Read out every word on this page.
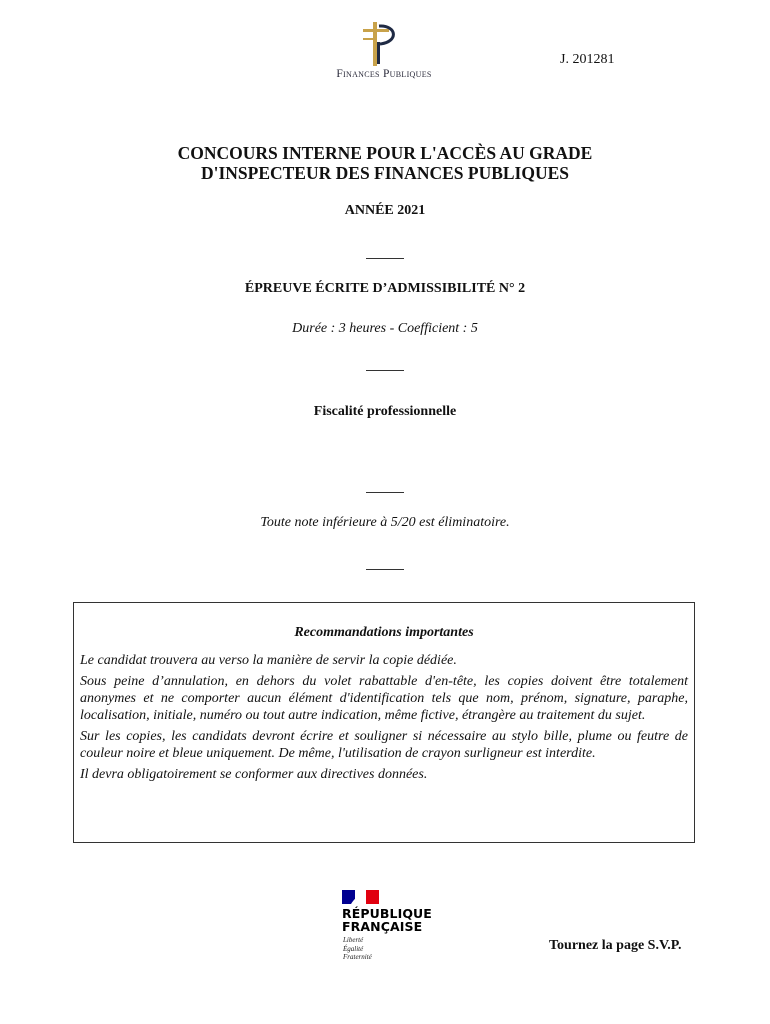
Finances Publiques
J. 201281
CONCOURS INTERNE POUR L'ACCÈS AU GRADE
D'INSPECTEUR DES FINANCES PUBLIQUES
ANNÉE 2021
ÉPREUVE ÉCRITE D’ADMISSIBILITÉ N° 2
Durée : 3 heures - Coefficient : 5
Fiscalité professionnelle
Toute note inférieure à 5/20 est éliminatoire.
Recommandations importantes

Le candidat trouvera au verso la manière de servir la copie dédiée.

Sous peine d’annulation, en dehors du volet rabattable d'en-tête, les copies doivent être totalement anonymes et ne comporter aucun élément d'identification tels que nom, prénom, signature, paraphe, localisation, initiale, numéro ou tout autre indication, même fictive, étrangère au traitement du sujet.

Sur les copies, les candidats devront écrire et souligner si nécessaire au stylo bille, plume ou feutre de couleur noire et bleue uniquement. De même, l'utilisation de crayon surligneur est interdite.

Il devra obligatoirement se conformer aux directives données.

RÉPUBLIQUE
FRANÇAISE
Liberté
Égalité
Fraternité
Tournez la page S.V.P.
